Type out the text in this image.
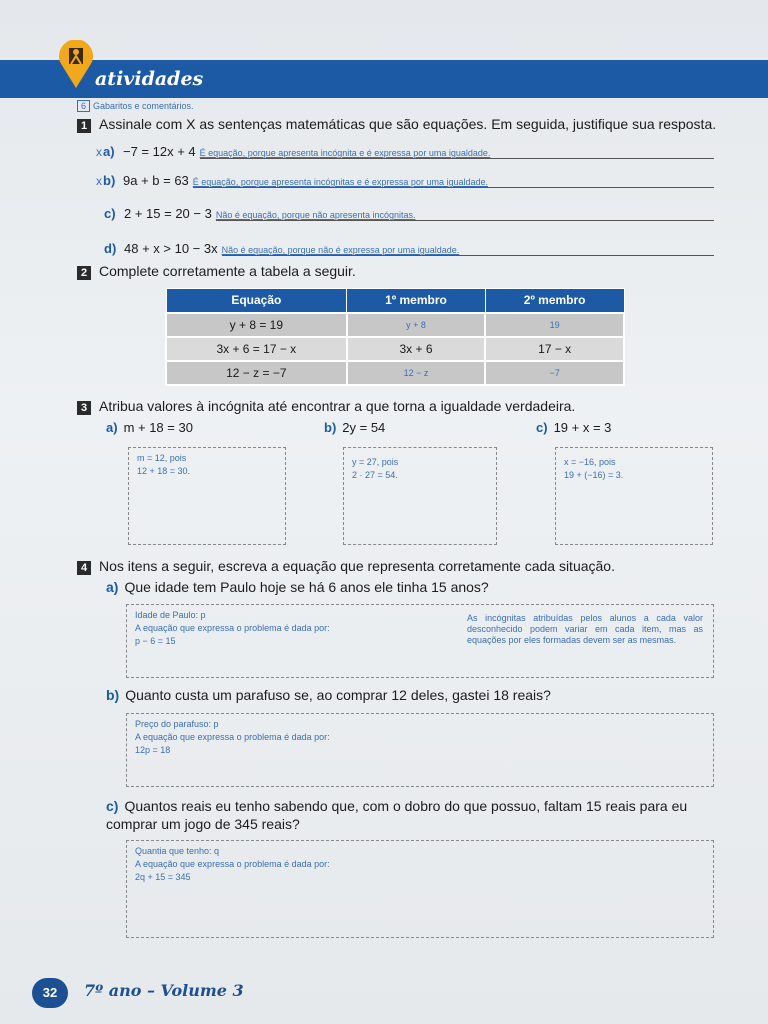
atividades
6 Gabaritos e comentários.
1 Assinale com X as sentenças matemáticas que são equações. Em seguida, justifique sua resposta.
x a) −7 = 12x + 4 É equação, porque apresenta incógnita e é expressa por uma igualdade.
x b) 9a + b = 63 É equação, porque apresenta incógnitas e é expressa por uma igualdade.
c) 2 + 15 = 20 − 3 Não é equação, porque não apresenta incógnitas.
d) 48 + x > 10 − 3x Não é equação, porque não é expressa por uma igualdade.
2 Complete corretamente a tabela a seguir.
Equação	1º membro	2º membro
y + 8 = 19	y + 8	19
3x + 6 = 17 − x	3x + 6	17 − x
12 − z = −7	12 − z	−7
3 Atribua valores à incógnita até encontrar a que torna a igualdade verdadeira.
a) m + 18 = 30	b) 2y = 54	c) 19 + x = 3
m = 12, pois
12 + 18 = 30.
y = 27, pois
2 · 27 = 54.
x = −16, pois
19 + (−16) = 3.
4 Nos itens a seguir, escreva a equação que representa corretamente cada situação.
a) Que idade tem Paulo hoje se há 6 anos ele tinha 15 anos?
Idade de Paulo: p
A equação que expressa o problema é dada por:
p − 6 = 15
As incógnitas atribuídas pelos alunos a cada valor desconhecido podem variar em cada item, mas as equações por eles formadas devem ser as mesmas.
b) Quanto custa um parafuso se, ao comprar 12 deles, gastei 18 reais?
Preço do parafuso: p
A equação que expressa o problema é dada por:
12p = 18
c) Quantos reais eu tenho sabendo que, com o dobro do que possuo, faltam 15 reais para eu comprar um jogo de 345 reais?
Quantia que tenho: q
A equação que expressa o problema é dada por:
2q + 15 = 345
32	7º ano – Volume 3
